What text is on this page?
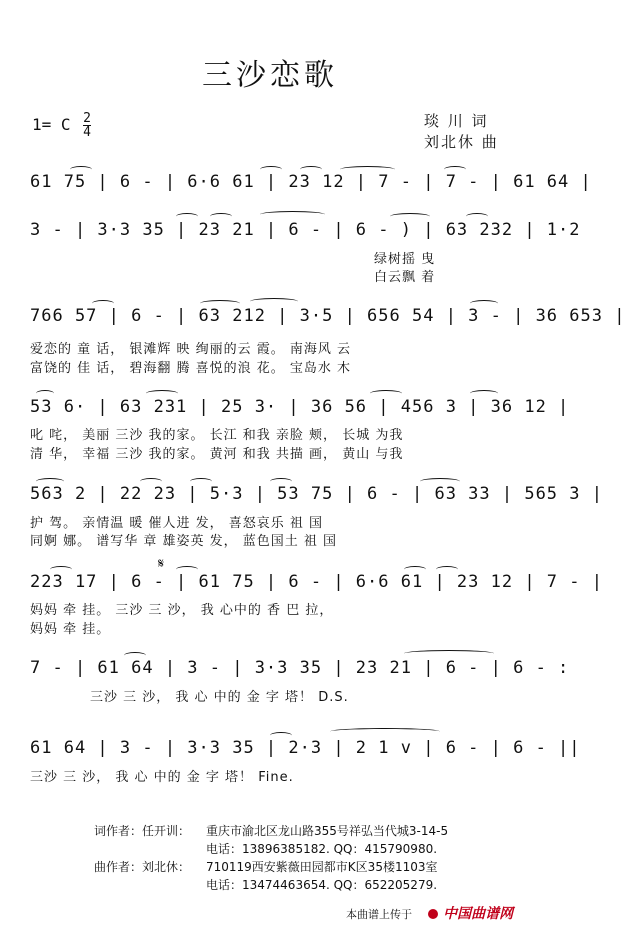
三沙恋歌
1= C $\frac{2}{4}$	琰 川 词
刘北休 曲
61 75 | 6 - | 6·6 61 | 23 12 | 7 - | 7 - | 61 64 |
3 - | 3·3 35 | 23 21 | 6 - | 6 - ) | 63 232 | 1·2
绿树摇 曳
白云飘 着
766 57 | 6 - | 63 212 | 3·5 | 656 54 | 3 - | 36 653 |
爱恋的 童 话， 银滩辉 映 绚丽的云 霞。 南海风 云
富饶的 佳 话， 碧海翻 腾 喜悦的浪 花。 宝岛水 木
53 6· | 63 231 | 25 3· | 36 56 | 456 3 | 36 12 |
叱 咤， 美丽 三沙 我的家。 长江 和我 亲脸 颊， 长城 为我
清 华， 幸福 三沙 我的家。 黄河 和我 共描 画， 黄山 与我
563 2 | 22 23 | 5·3 | 53 75 | 6 - | 63 33 | 565 3 |
护 驾。 亲情温 暖 催人进 发， 喜怒哀乐 祖 国
同婀 娜。 谱写华 章 雄姿英 发， 蓝色国土 祖 国
𝄋
223 17 | 6 - | 61 75 | 6 - | 6·6 61 | 23 12 | 7 - |
妈妈 牵 挂。 三沙 三 沙， 我 心中的 香 巴 拉，
妈妈 牵 挂。
7 - | 61 64 | 3 - | 3·3 35 | 23 21 | 6 - | 6 - :
三沙 三 沙， 我 心 中的 金 字 塔！ D.S.
61 64 | 3 - | 3·3 35 | 2·3 | 2 1 v | 6 - | 6 - ||
三沙 三 沙， 我 心 中的 金 字 塔！ Fine.
词作者：任开训： 重庆市渝北区龙山路355号祥弘当代城3-14-5
电话：13896385182. QQ：415790980.
曲作者：刘北休： 710119西安紫薇田园都市K区35楼1103室
电话：13474463654. QQ：652205279.
本曲谱上传于	中国曲谱网
